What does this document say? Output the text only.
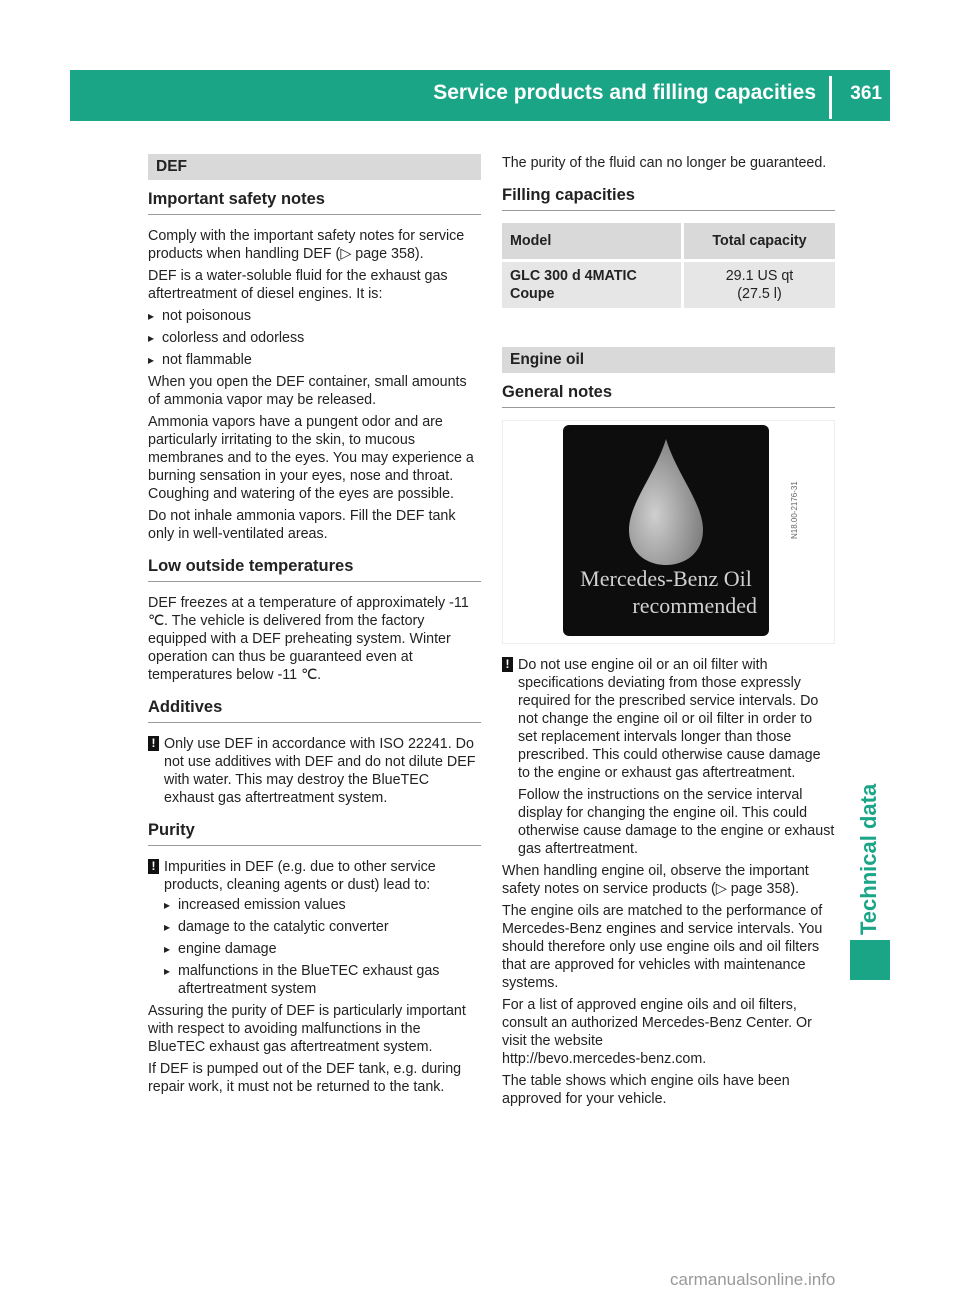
Service products and filling capacities 361
Technical data
DEF
Important safety notes

Comply with the important safety notes for service products when handling DEF (▷ page 358).

DEF is a water-soluble fluid for the exhaust gas aftertreatment of diesel engines. It is:

▸ not poisonous
▸ colorless and odorless
▸ not flammable

When you open the DEF container, small amounts of ammonia vapor may be released.

Ammonia vapors have a pungent odor and are particularly irritating to the skin, to mucous membranes and to the eyes. You may experience a burning sensation in your eyes, nose and throat. Coughing and watering of the eyes are possible.

Do not inhale ammonia vapors. Fill the DEF tank only in well-ventilated areas.

Low outside temperatures

DEF freezes at a temperature of approximately -11 ℃. The vehicle is delivered from the factory equipped with a DEF preheating system. Winter operation can thus be guaranteed even at temperatures below -11 ℃.

Additives
! Only use DEF in accordance with ISO 22241. Do not use additives with DEF and do not dilute DEF with water. This may destroy the BlueTEC exhaust gas aftertreatment system.
Purity
! Impurities in DEF (e.g. due to other service products, cleaning agents or dust) lead to:
▸ increased emission values
▸ damage to the catalytic converter
▸ engine damage
▸ malfunctions in the BlueTEC exhaust gas aftertreatment system

Assuring the purity of DEF is particularly important with respect to avoiding malfunctions in the BlueTEC exhaust gas aftertreatment system.

If DEF is pumped out of the DEF tank, e.g. during repair work, it must not be returned to the tank.

The purity of the fluid can no longer be guaranteed.

Filling capacities
Model	Total capacity
GLC 300 d 4MATIC Coupe	29.1 US qt
(27.5 l)
Engine oil
General notes
Mercedes-Benz Oil
recommended
N18.00-2176-31
! Do not use engine oil or an oil filter with specifications deviating from those expressly required for the prescribed service intervals. Do not change the engine oil or oil filter in order to set replacement intervals longer than those prescribed. This could otherwise cause damage to the engine or exhaust gas aftertreatment.

Follow the instructions on the service interval display for changing the engine oil. This could otherwise cause damage to the engine or exhaust gas aftertreatment.

When handling engine oil, observe the important safety notes on service products (▷ page 358).

The engine oils are matched to the performance of Mercedes-Benz engines and service intervals. You should therefore only use engine oils and oil filters that are approved for vehicles with maintenance systems.

For a list of approved engine oils and oil filters, consult an authorized Mercedes-Benz Center. Or visit the website
http://bevo.mercedes-benz.com.

The table shows which engine oils have been approved for your vehicle.

carmanualsonline.info
